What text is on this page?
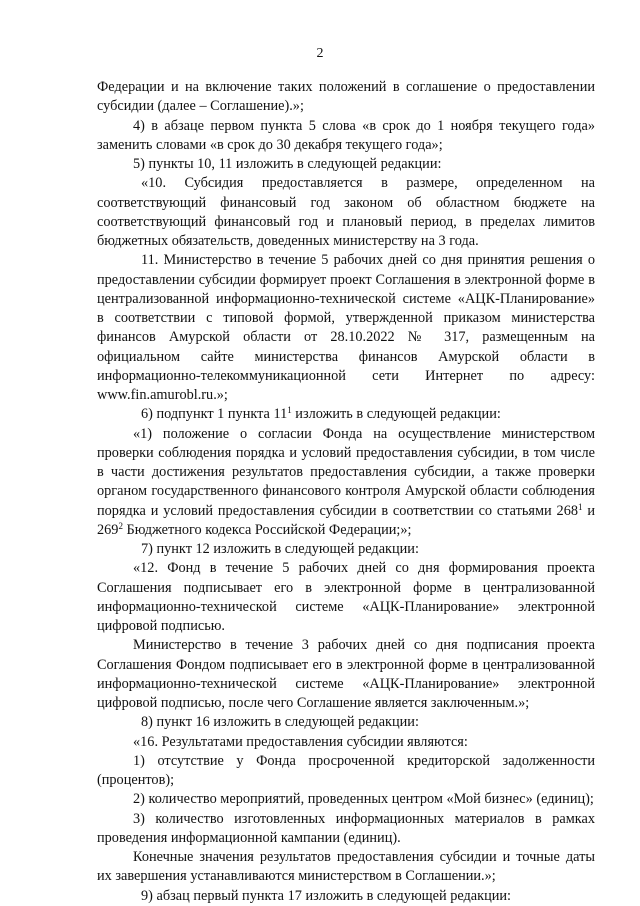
2

Федерации и на включение таких положений в соглашение о предоставлении субсидии (далее – Соглашение).»;

4) в абзаце первом пункта 5 слова «в срок до 1 ноября текущего года» заменить словами «в срок до 30 декабря текущего года»;

5) пункты 10, 11 изложить в следующей редакции:

«10. Субсидия предоставляется в размере, определенном на соответствующий финансовый год законом об областном бюджете на соответствующий финансовый год и плановый период, в пределах лимитов бюджетных обязательств, доведенных министерству на 3 года.

11. Министерство в течение 5 рабочих дней со дня принятия решения о предоставлении субсидии формирует проект Соглашения в электронной форме в централизованной информационно-технической системе «АЦК-Планирование» в соответствии с типовой формой, утвержденной приказом министерства финансов Амурской области от 28.10.2022 № 317, размещенным на официальном сайте министерства финансов Амурской области в информационно-телекоммуникационной сети Интернет по адресу: www.fin.amurobl.ru.»;

6) подпункт 1 пункта $11^1$ изложить в следующей редакции:

«1) положение о согласии Фонда на осуществление министерством проверки соблюдения порядка и условий предоставления субсидии, в том числе в части достижения результатов предоставления субсидии, а также проверки органом государственного финансового контроля Амурской области соблюдения порядка и условий предоставления субсидии в соответствии со статьями $268^1$ и $269^2$ Бюджетного кодекса Российской Федерации;»;

7) пункт 12 изложить в следующей редакции:

«12. Фонд в течение 5 рабочих дней со дня формирования проекта Соглашения подписывает его в электронной форме в централизованной информационно-технической системе «АЦК-Планирование» электронной цифровой подписью.

Министерство в течение 3 рабочих дней со дня подписания проекта Соглашения Фондом подписывает его в электронной форме в централизованной информационно-технической системе «АЦК-Планирование» электронной цифровой подписью, после чего Соглашение является заключенным.»;

8) пункт 16 изложить в следующей редакции:

«16. Результатами предоставления субсидии являются:

1) отсутствие у Фонда просроченной кредиторской задолженности (процентов);

2) количество мероприятий, проведенных центром «Мой бизнес» (единиц);

3) количество изготовленных информационных материалов в рамках проведения информационной кампании (единиц).

Конечные значения результатов предоставления субсидии и точные даты их завершения устанавливаются министерством в Соглашении.»;

9) абзац первый пункта 17 изложить в следующей редакции:
